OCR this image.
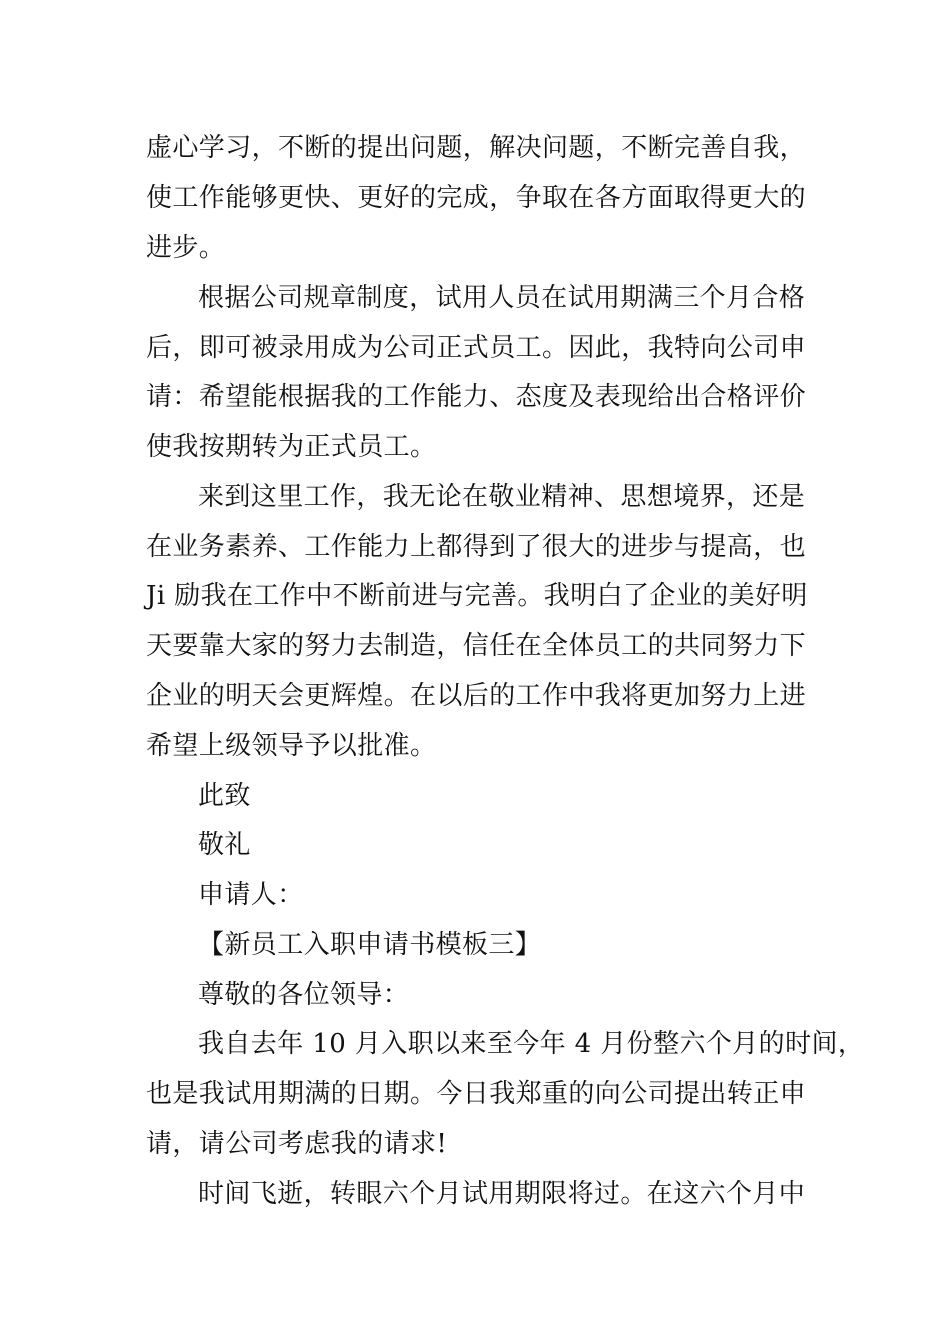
虚心学习，不断的提出问题，解决问题，不断完善自我，
使工作能够更快、更好的完成，争取在各方面取得更大的
进步。
根据公司规章制度，试用人员在试用期满三个月合格
后，即可被录用成为公司正式员工。因此，我特向公司申
请：希望能根据我的工作能力、态度及表现给出合格评价
使我按期转为正式员工。
来到这里工作，我无论在敬业精神、思想境界，还是
在业务素养、工作能力上都得到了很大的进步与提高，也
Ji 励我在工作中不断前进与完善。我明白了企业的美好明
天要靠大家的努力去制造，信任在全体员工的共同努力下
企业的明天会更辉煌。在以后的工作中我将更加努力上进
希望上级领导予以批准。
此致
敬礼
申请人：
【新员工入职申请书模板三】
尊敬的各位领导：
我自去年 10 月入职以来至今年 4 月份整六个月的时间，
也是我试用期满的日期。今日我郑重的向公司提出转正申
请，请公司考虑我的请求!
时间飞逝，转眼六个月试用期限将过。在这六个月中
